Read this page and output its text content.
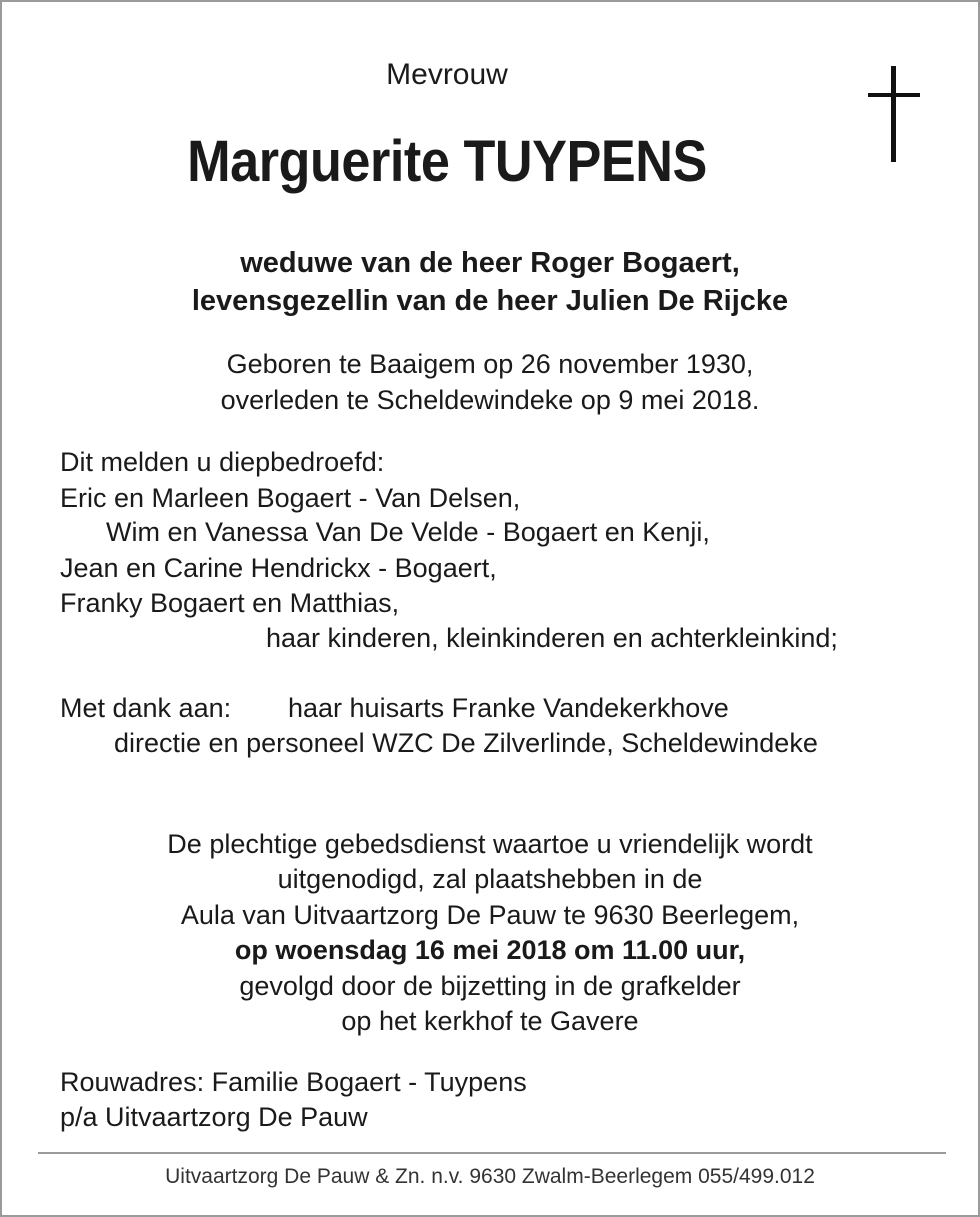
Mevrouw
Marguerite TUYPENS
weduwe van de heer Roger Bogaert,
levensgezellin van de heer Julien De Rijcke
Geboren te Baaigem op 26 november 1930,
overleden te Scheldewindeke op 9 mei 2018.
Dit melden u diepbedroefd:
Eric en Marleen Bogaert - Van Delsen,
Wim en Vanessa Van De Velde - Bogaert en Kenji,
Jean en Carine Hendrickx - Bogaert,
Franky Bogaert en Matthias,
haar kinderen, kleinkinderen en achterkleinkind;
Met dank aan: haar huisarts Franke Vandekerkhove
directie en personeel WZC De Zilverlinde, Scheldewindeke
De plechtige gebedsdienst waartoe u vriendelijk wordt
uitgenodigd, zal plaatshebben in de
Aula van Uitvaartzorg De Pauw te 9630 Beerlegem,
op woensdag 16 mei 2018 om 11.00 uur,
gevolgd door de bijzetting in de grafkelder
op het kerkhof te Gavere
Rouwadres: Familie Bogaert - Tuypens
p/a Uitvaartzorg De Pauw
Uitvaartzorg De Pauw & Zn. n.v. 9630 Zwalm-Beerlegem 055/499.012
